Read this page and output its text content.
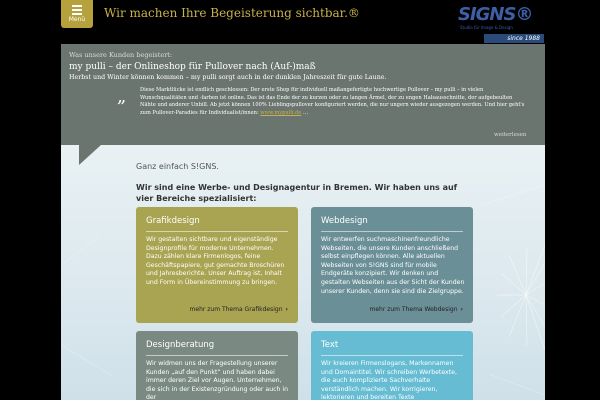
Menü	Wir machen Ihre Begeisterung sichtbar.®	SIGNS®
Studio für Image & Design
since 1988
Was unsere Kunden begeistert:
my pulli – der Onlineshop für Pullover nach (Auf-)maß
Herbst und Winter können kommen – my pulli sorgt auch in der dunklen Jahreszeit für gute Laune.
„	Diese Marktlücke ist endlich geschlossen: Der erste Shop für individuell maßangefertigte hochwertige Pullover – my pulli – in vielen Wunschqualitäten und -farben ist online. Das ist das Ende der zu kurzen oder zu langen Ärmel, der zu engen Halsausschnitte, der aufgebeulten Nähte und anderer Unbill. Ab jetzt können 100% Lieblingspullover konfiguriert werden, die nur ungern wieder ausgezogen werden. Und hier geht's zum Pullover-Paradies für Individualist/innen: www.mypulli.de …
weiterlesen
Ganz einfach S!GNS.
Wir sind eine Werbe- und Designagentur in Bremen. Wir haben uns auf vier Bereiche spezialisiert:
Grafikdesign
Wir gestalten sichtbare und eigenständige Designprofile für moderne Unternehmen. Dazu zählen klare Firmenlogos, feine Geschäftspapiere, gut gemachte Broschüren und Jahresberichte. Unser Auftrag ist, Inhalt und Form in Übereinstimmung zu bringen.
mehr zum Thema Grafikdesign ›
Webdesign
Wir entwerfen suchmaschinenfreundliche Webseiten, die unsere Kunden anschließend selbst einpflegen können. Alle aktuellen Webseiten von S!GNS sind für mobile Endgeräte konzipiert. Wir denken und gestalten Webseiten aus der Sicht der Kunden unserer Kunden, denn sie sind die Zielgruppe.
mehr zum Thema Webdesign ›
Designberatung
Wir widmen uns der Fragestellung unserer Kunden „auf den Punkt“ und haben dabei immer deren Ziel vor Augen. Unternehmen, die sich in der Existenzgründung oder auch in der
Text
Wir kreieren Firmenslogans, Markennamen und Domaintitel. Wir schreiben Werbetexte, die auch komplizierte Sachverhalte verständlich machen. Wir korrigieren, lektorieren und bereiten Texte
